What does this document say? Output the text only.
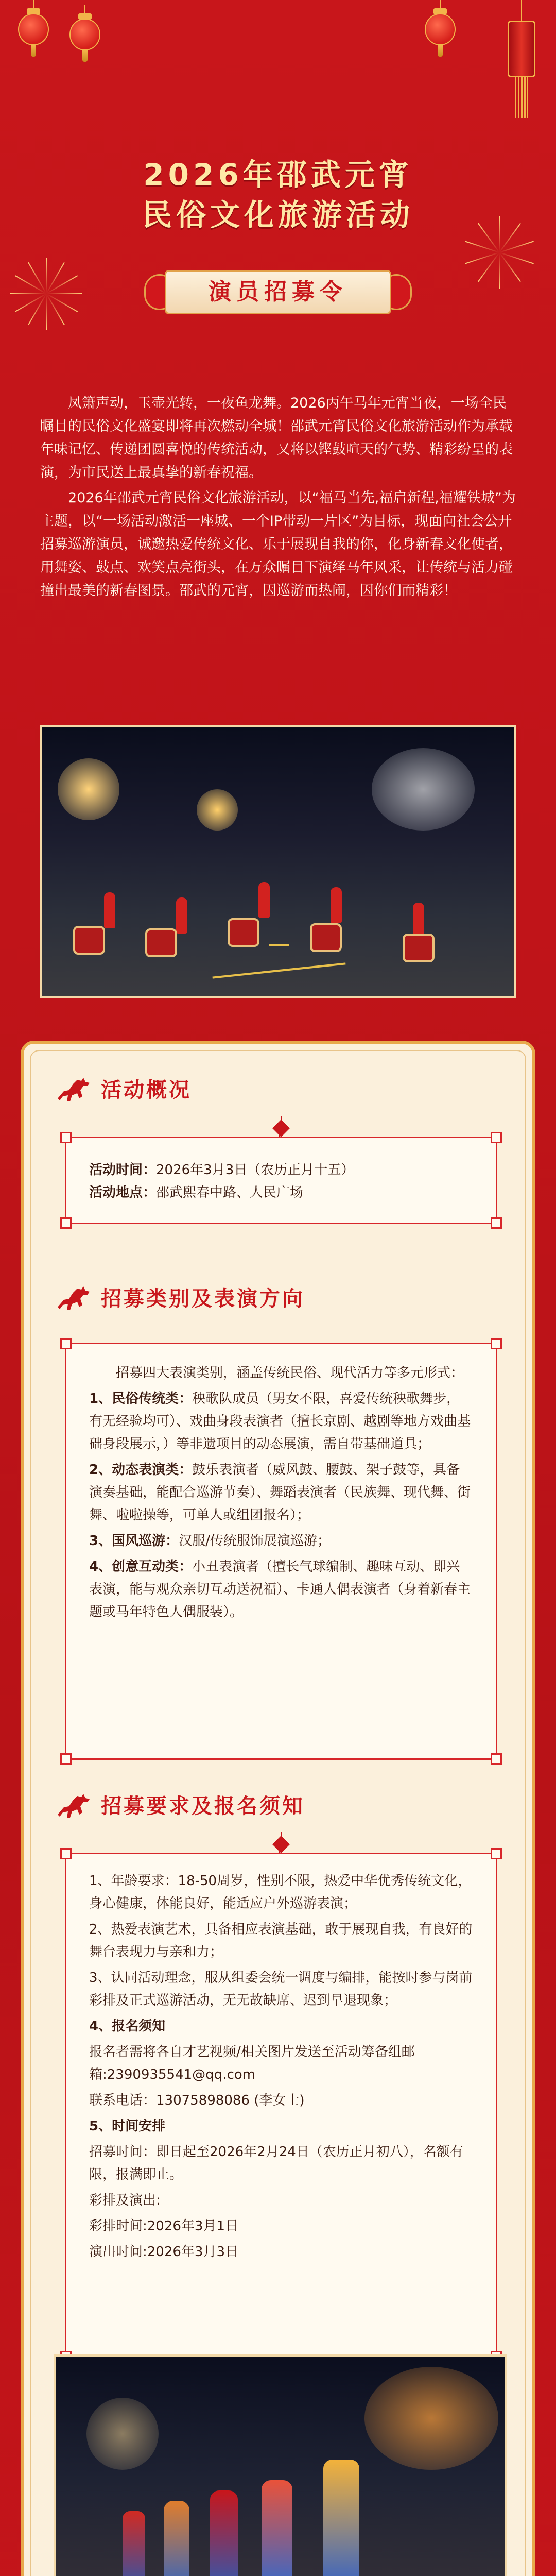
2026年邵武元宵
民俗文化旅游活动
演员招募令

凤箫声动，玉壶光转，一夜鱼龙舞。2026丙午马年元宵当夜，一场全民瞩目的民俗文化盛宴即将再次燃动全城！邵武元宵民俗文化旅游活动作为承载年味记忆、传递团圆喜悦的传统活动，又将以铿鼓喧天的气势、精彩纷呈的表演，为市民送上最真挚的新春祝福。

2026年邵武元宵民俗文化旅游活动，以“福马当先,福启新程,福耀铁城”为主题，以“一场活动激活一座城、一个IP带动一片区”为目标，现面向社会公开招募巡游演员，诚邀热爱传统文化、乐于展现自我的你，化身新春文化使者，用舞姿、鼓点、欢笑点亮街头，在万众瞩目下演绎马年风采，让传统与活力碰撞出最美的新春图景。邵武的元宵，因巡游而热闹，因你们而精彩！

活动概况

活动时间：2026年3月3日（农历正月十五）

活动地点：邵武熙春中路、人民广场

招募类别及表演方向

招募四大表演类别，涵盖传统民俗、现代活力等多元形式：

1、民俗传统类：秧歌队成员（男女不限，喜爱传统秧歌舞步，有无经验均可）、戏曲身段表演者（擅长京剧、越剧等地方戏曲基础身段展示，）等非遗项目的动态展演，需自带基础道具；

2、动态表演类：鼓乐表演者（威风鼓、腰鼓、架子鼓等，具备演奏基础，能配合巡游节奏）、舞蹈表演者（民族舞、现代舞、街舞、啦啦操等，可单人或组团报名）；

3、国风巡游：汉服/传统服饰展演巡游；

4、创意互动类：小丑表演者（擅长气球编制、趣味互动、即兴表演，能与观众亲切互动送祝福）、卡通人偶表演者（身着新春主题或马年特色人偶服装）。

招募要求及报名须知

1、年龄要求：18-50周岁，性别不限，热爱中华优秀传统文化，身心健康，体能良好，能适应户外巡游表演；

2、热爱表演艺术，具备相应表演基础，敢于展现自我，有良好的舞台表现力与亲和力；

3、认同活动理念，服从组委会统一调度与编排，能按时参与岗前彩排及正式巡游活动，无无故缺席、迟到早退现象；

4、报名须知

报名者需将各自才艺视频/相关图片发送至活动筹备组邮箱:2390935541@qq.com

联系电话：13075898086 (李女士)

5、时间安排

招募时间：即日起至2026年2月24日（农历正月初八），名额有限，报满即止。

彩排及演出:

彩排时间:2026年3月1日

演出时间:2026年3月3日
